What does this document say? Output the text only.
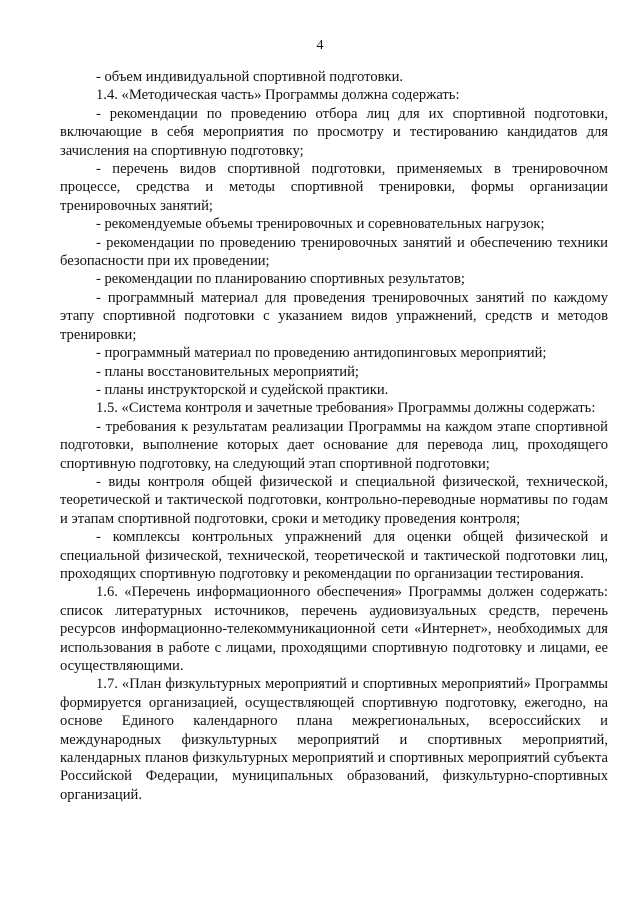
4

- объем индивидуальной спортивной подготовки.

1.4. «Методическая часть» Программы должна содержать:

- рекомендации по проведению отбора лиц для их спортивной подготовки, включающие в себя мероприятия по просмотру и тестированию кандидатов для зачисления на спортивную подготовку;

- перечень видов спортивной подготовки, применяемых в тренировочном процессе, средства и методы спортивной тренировки, формы организации тренировочных занятий;

- рекомендуемые объемы тренировочных и соревновательных нагрузок;

- рекомендации по проведению тренировочных занятий и обеспечению техники безопасности при их проведении;

- рекомендации по планированию спортивных результатов;

- программный материал для проведения тренировочных занятий по каждому этапу спортивной подготовки с указанием видов упражнений, средств и методов тренировки;

- программный материал по проведению антидопинговых мероприятий;

- планы восстановительных мероприятий;

- планы инструкторской и судейской практики.

1.5. «Система контроля и зачетные требования» Программы должны содержать:

- требования к результатам реализации Программы на каждом этапе спортивной подготовки, выполнение которых дает основание для перевода лиц, проходящего спортивную подготовку, на следующий этап спортивной подготовки;

- виды контроля общей физической и специальной физической, технической, теоретической и тактической подготовки, контрольно-переводные нормативы по годам и этапам спортивной подготовки, сроки и методику проведения контроля;

- комплексы контрольных упражнений для оценки общей физической и специальной физической, технической, теоретической и тактической подготовки лиц, проходящих спортивную подготовку и рекомендации по организации тестирования.

1.6. «Перечень информационного обеспечения» Программы должен содержать: список литературных источников, перечень аудиовизуальных средств, перечень ресурсов информационно-телекоммуникационной сети «Интернет», необходимых для использования в работе с лицами, проходящими спортивную подготовку и лицами, ее осуществляющими.

1.7. «План физкультурных мероприятий и спортивных мероприятий» Программы формируется организацией, осуществляющей спортивную подготовку, ежегодно, на основе Единого календарного плана межрегиональных, всероссийских и международных физкультурных мероприятий и спортивных мероприятий, календарных планов физкультурных мероприятий и спортивных мероприятий субъекта Российской Федерации, муниципальных образований, физкультурно-спортивных организаций.
